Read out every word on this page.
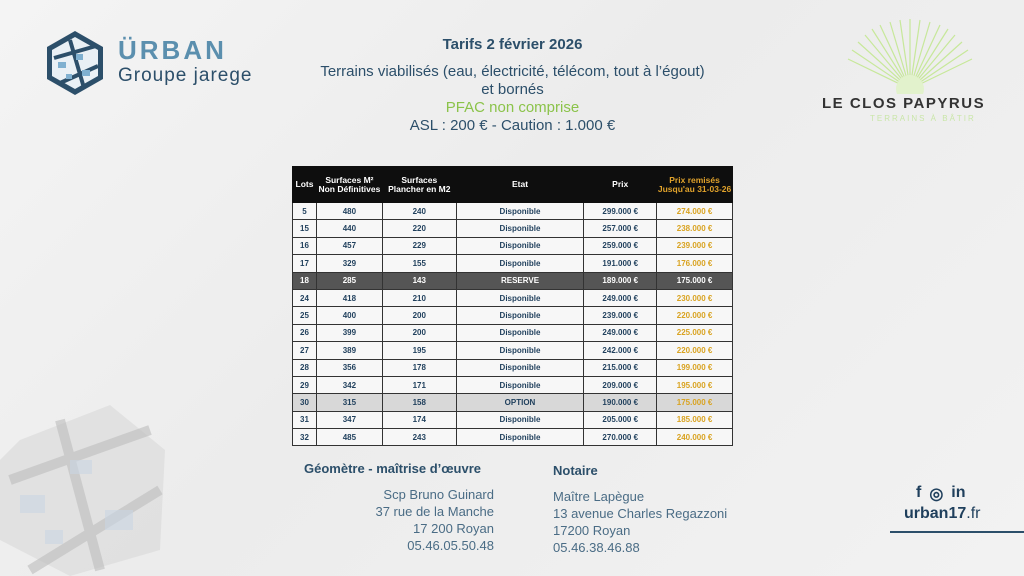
ÜRBAN
Groupe jarege
Tarifs 2 février 2026
Terrains viabilisés (eau, électricité, télécom, tout à l’égout)
et bornés
PFAC non comprise
ASL : 200 € - Caution : 1.000 €
LE CLOS PAPYRUS
TERRAINS À BÂTIR
Lots	Surfaces M² Non Définitives	Surfaces Plancher en M2	Etat	Prix	Prix remisés Jusqu'au 31-03-26
5	480	240	Disponible	299.000 €	274.000 €
15	440	220	Disponible	257.000 €	238.000 €
16	457	229	Disponible	259.000 €	239.000 €
17	329	155	Disponible	191.000 €	176.000 €
18	285	143	RESERVE	189.000 €	175.000 €
24	418	210	Disponible	249.000 €	230.000 €
25	400	200	Disponible	239.000 €	220.000 €
26	399	200	Disponible	249.000 €	225.000 €
27	389	195	Disponible	242.000 €	220.000 €
28	356	178	Disponible	215.000 €	199.000 €
29	342	171	Disponible	209.000 €	195.000 €
30	315	158	OPTION	190.000 €	175.000 €
31	347	174	Disponible	205.000 €	185.000 €
32	485	243	Disponible	270.000 €	240.000 €
Géomètre - maîtrise d’œuvre
Scp Bruno Guinard
37 rue de la Manche
17 200 Royan
05.46.05.50.48
Notaire
Maître Lapègue
13 avenue Charles Regazzoni
17200 Royan
05.46.38.46.88
f ◎ in
urban17.fr
